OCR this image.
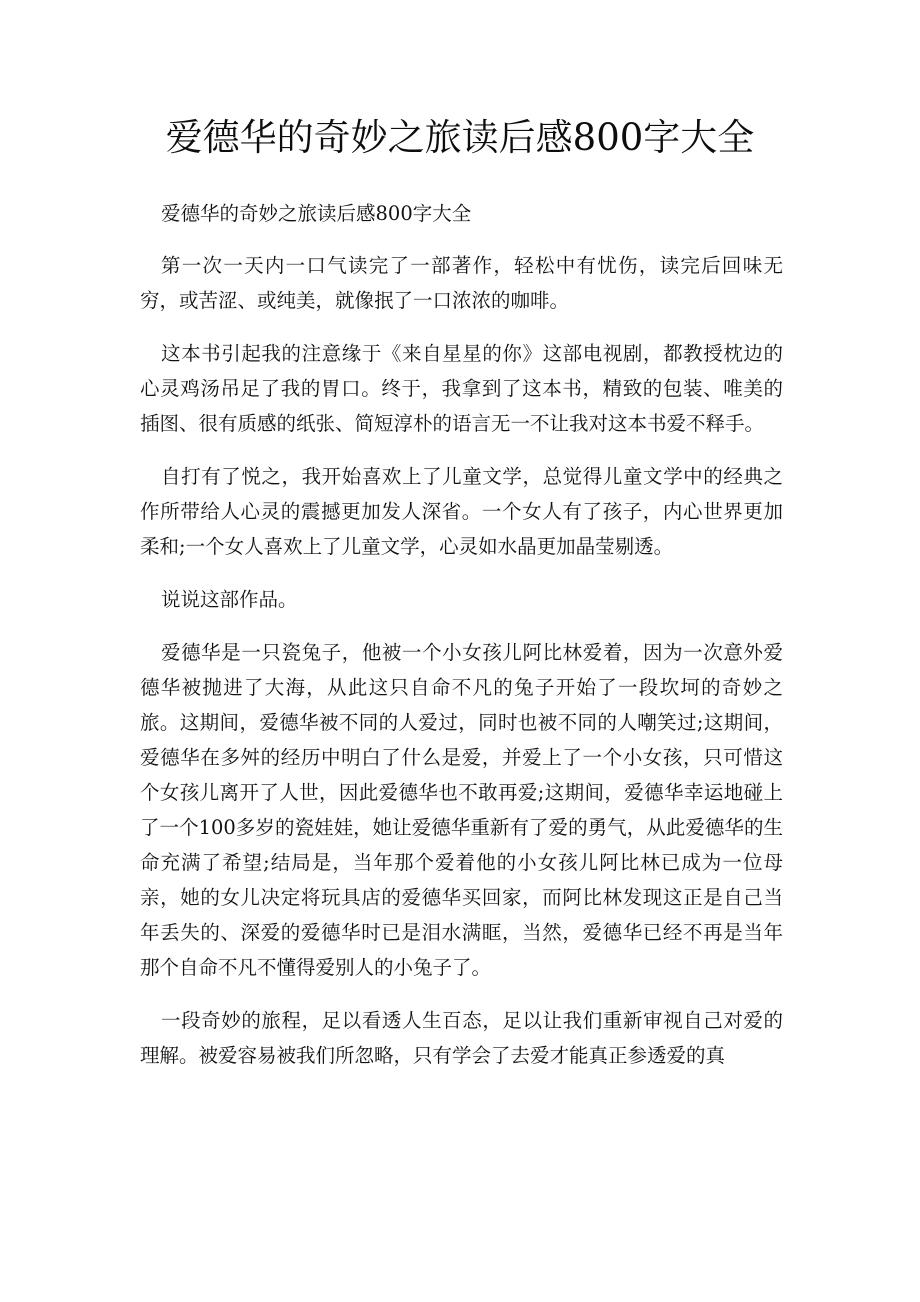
爱德华的奇妙之旅读后感800字大全

爱德华的奇妙之旅读后感800字大全

第一次一天内一口气读完了一部著作，轻松中有忧伤，读完后回味无穷，或苦涩、或纯美，就像抿了一口浓浓的咖啡。

这本书引起我的注意缘于《来自星星的你》这部电视剧，都教授枕边的心灵鸡汤吊足了我的胃口。终于，我拿到了这本书，精致的包装、唯美的插图、很有质感的纸张、简短淳朴的语言无一不让我对这本书爱不释手。

自打有了悦之，我开始喜欢上了儿童文学，总觉得儿童文学中的经典之作所带给人心灵的震撼更加发人深省。一个女人有了孩子，内心世界更加柔和;一个女人喜欢上了儿童文学，心灵如水晶更加晶莹剔透。

说说这部作品。

爱德华是一只瓷兔子，他被一个小女孩儿阿比林爱着，因为一次意外爱德华被抛进了大海，从此这只自命不凡的兔子开始了一段坎坷的奇妙之旅。这期间，爱德华被不同的人爱过，同时也被不同的人嘲笑过;这期间，爱德华在多舛的经历中明白了什么是爱，并爱上了一个小女孩，只可惜这个女孩儿离开了人世，因此爱德华也不敢再爱;这期间，爱德华幸运地碰上了一个100多岁的瓷娃娃，她让爱德华重新有了爱的勇气，从此爱德华的生命充满了希望;结局是，当年那个爱着他的小女孩儿阿比林已成为一位母亲，她的女儿决定将玩具店的爱德华买回家，而阿比林发现这正是自己当年丢失的、深爱的爱德华时已是泪水满眶，当然，爱德华已经不再是当年那个自命不凡不懂得爱别人的小兔子了。

一段奇妙的旅程，足以看透人生百态，足以让我们重新审视自己对爱的理解。被爱容易被我们所忽略，只有学会了去爱才能真正参透爱的真
